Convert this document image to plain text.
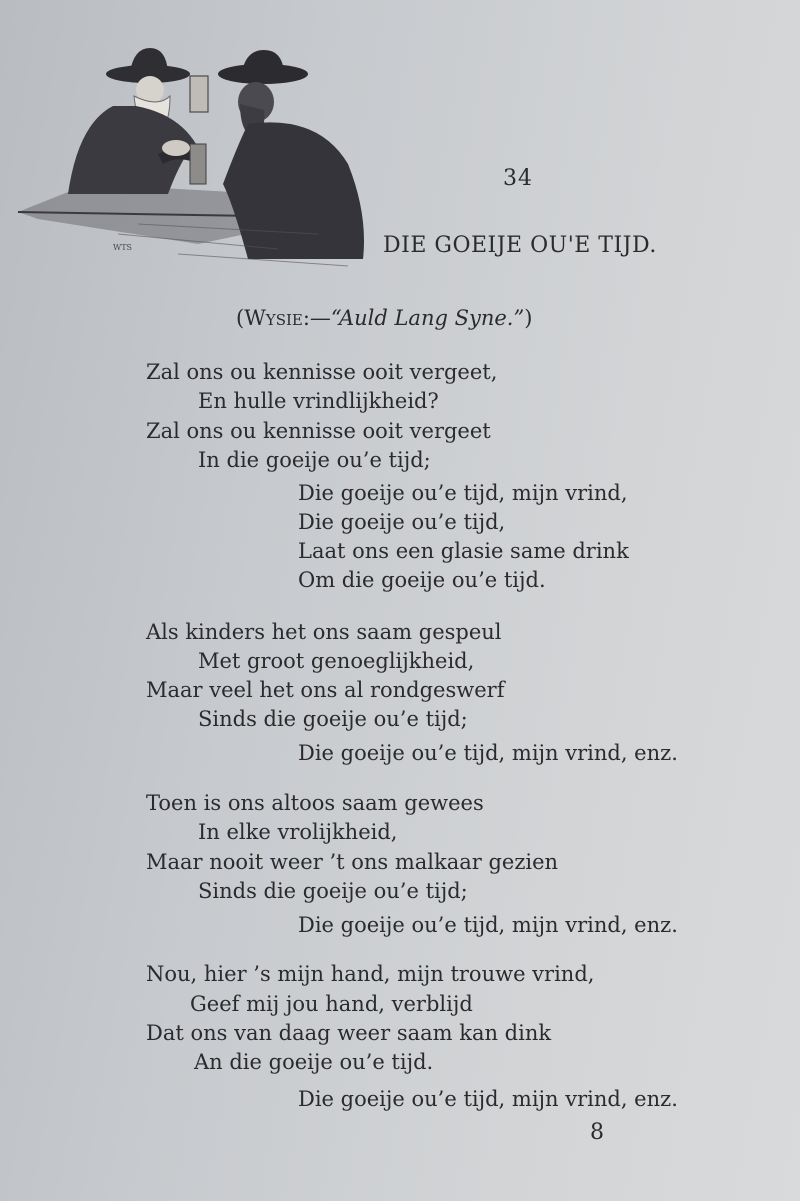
WTS
34
DIE GOEIJE OU'E TIJD.
(Wysie:—“Auld Lang Syne.”)
Zal ons ou kennisse ooit vergeet,
En hulle vrindlijkheid?
Zal ons ou kennisse ooit vergeet
In die goeije ou’e tijd;
Die goeije ou’e tijd, mijn vrind,
Die goeije ou’e tijd,
Laat ons een glasie same drink
Om die goeije ou’e tijd.
Als kinders het ons saam gespeul
Met groot genoeglijkheid,
Maar veel het ons al rondgeswerf
Sinds die goeije ou’e tijd;
Die goeije ou’e tijd, mijn vrind, enz.
Toen is ons altoos saam gewees
In elke vrolijkheid,
Maar nooit weer ’t ons malkaar gezien
Sinds die goeije ou’e tijd;
Die goeije ou’e tijd, mijn vrind, enz.
Nou, hier ’s mijn hand, mijn trouwe vrind,
Geef mij jou hand, verblijd
Dat ons van daag weer saam kan dink
An die goeije ou’e tijd.
Die goeije ou’e tijd, mijn vrind, enz.
8
